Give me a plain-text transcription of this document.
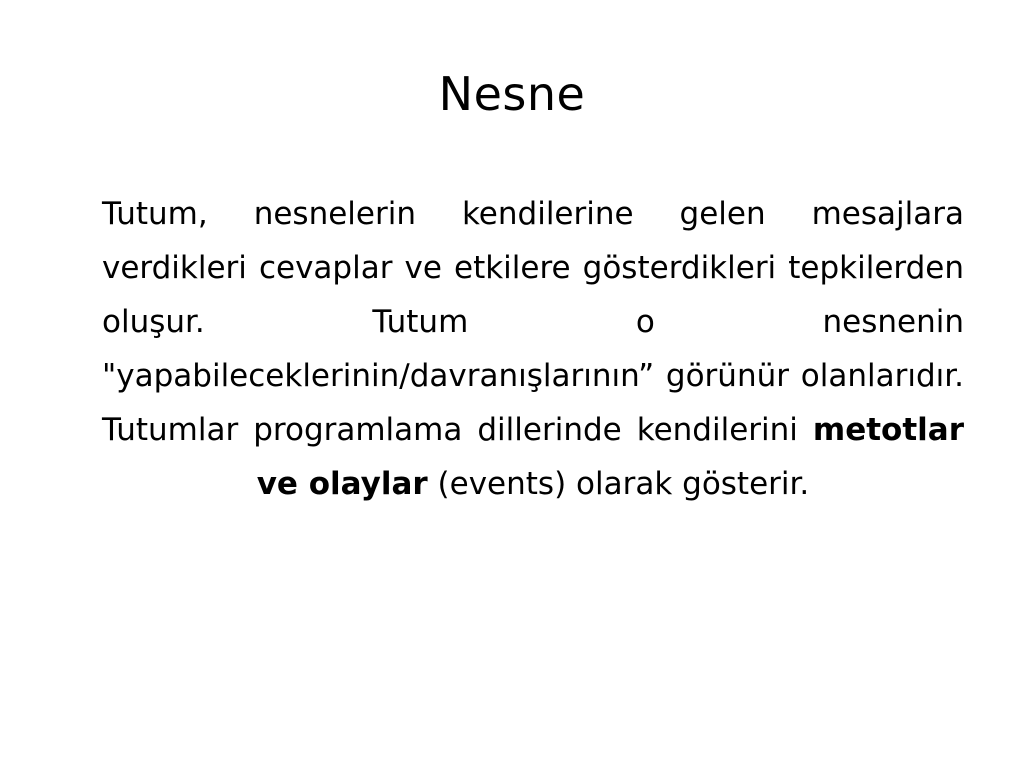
Nesne

Tutum, nesnelerin kendilerine gelen mesajlara verdikleri cevaplar ve etkilere gösterdikleri tepkilerden oluşur. Tutum o nesnenin "yapabileceklerinin/davranışlarının” görünür olanlarıdır. Tutumlar programlama dillerinde kendilerini metotlar ve olaylar (events) olarak gösterir.
